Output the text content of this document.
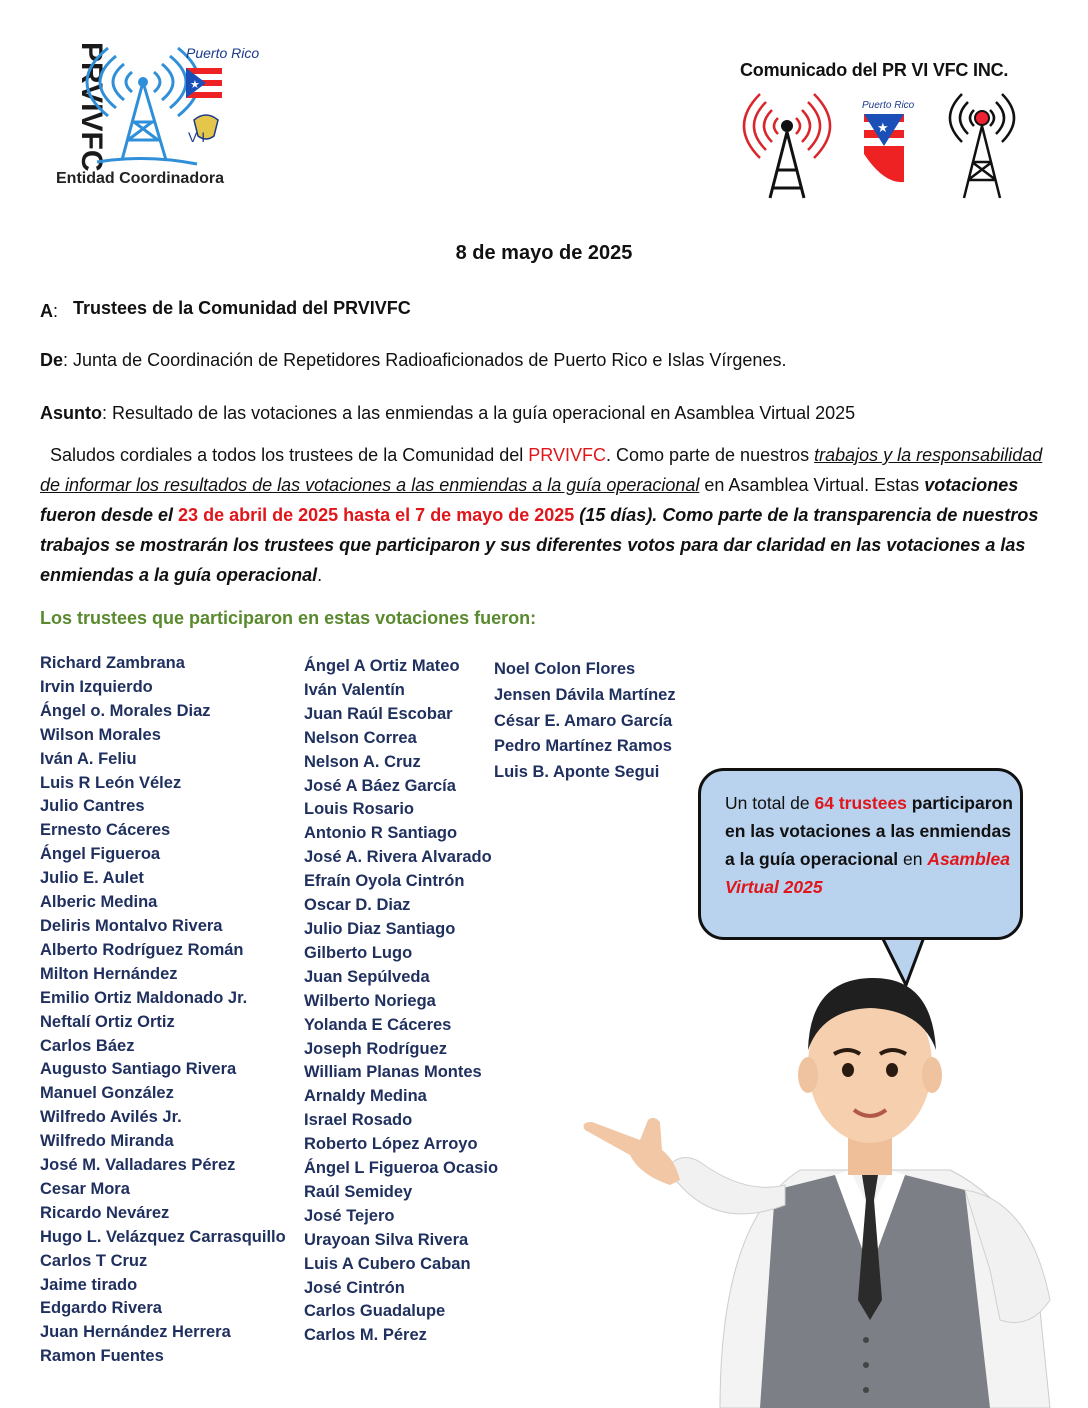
PRVIVFC	Puerto Rico
★
V I
Entidad Coordinadora
Comunicado del PR VI VFC INC.
Puerto Rico
★
8 de mayo de 2025
A: Trustees de la Comunidad del PRVIVFC
De: Junta de Coordinación de Repetidores Radioaficionados de Puerto Rico e Islas Vírgenes.
Asunto: Resultado de las votaciones a las enmiendas a la guía operacional en Asamblea Virtual 2025
Saludos cordiales a todos los trustees de la Comunidad del PRVIVFC. Como parte de nuestros trabajos y la responsabilidad de informar los resultados de las votaciones a las enmiendas a la guía operacional en Asamblea Virtual. Estas votaciones fueron desde el 23 de abril de 2025 hasta el 7 de mayo de 2025 (15 días). Como parte de la transparencia de nuestros trabajos se mostrarán los trustees que participaron y sus diferentes votos para dar claridad en las votaciones a las enmiendas a la guía operacional.
Los trustees que participaron en estas votaciones fueron:
Richard Zambrana
Irvin Izquierdo
Ángel o. Morales Diaz
Wilson Morales
Iván A. Feliu
Luis R León Vélez
Julio Cantres
Ernesto Cáceres
Ángel Figueroa
Julio E. Aulet
Alberic Medina
Deliris Montalvo Rivera
Alberto Rodríguez Román
Milton Hernández
Emilio Ortiz Maldonado Jr.
Neftalí Ortiz Ortiz
Carlos Báez
Augusto Santiago Rivera
Manuel González
Wilfredo Avilés Jr.
Wilfredo Miranda
José M. Valladares Pérez
Cesar Mora
Ricardo Nevárez
Hugo L. Velázquez Carrasquillo
Carlos T Cruz
Jaime tirado
Edgardo Rivera
Juan Hernández Herrera
Ramon Fuentes
Ángel A Ortiz Mateo
Iván Valentín
Juan Raúl Escobar
Nelson Correa
Nelson A. Cruz
José A Báez García
Louis Rosario
Antonio R Santiago
José A. Rivera Alvarado
Efraín Oyola Cintrón
Oscar D. Diaz
Julio Diaz Santiago
Gilberto Lugo
Juan Sepúlveda
Wilberto Noriega
Yolanda E Cáceres
Joseph Rodríguez
William Planas Montes
Arnaldy Medina
Israel Rosado
Roberto López Arroyo
Ángel L Figueroa Ocasio
Raúl Semidey
José Tejero
Urayoan Silva Rivera
Luis A Cubero Caban
José Cintrón
Carlos Guadalupe
Carlos M. Pérez
Noel Colon Flores
Jensen Dávila Martínez
César E. Amaro García
Pedro Martínez Ramos
Luis B. Aponte Segui
Un total de 64 trustees participaron en las votaciones a las enmiendas a la guía operacional en Asamblea Virtual 2025
